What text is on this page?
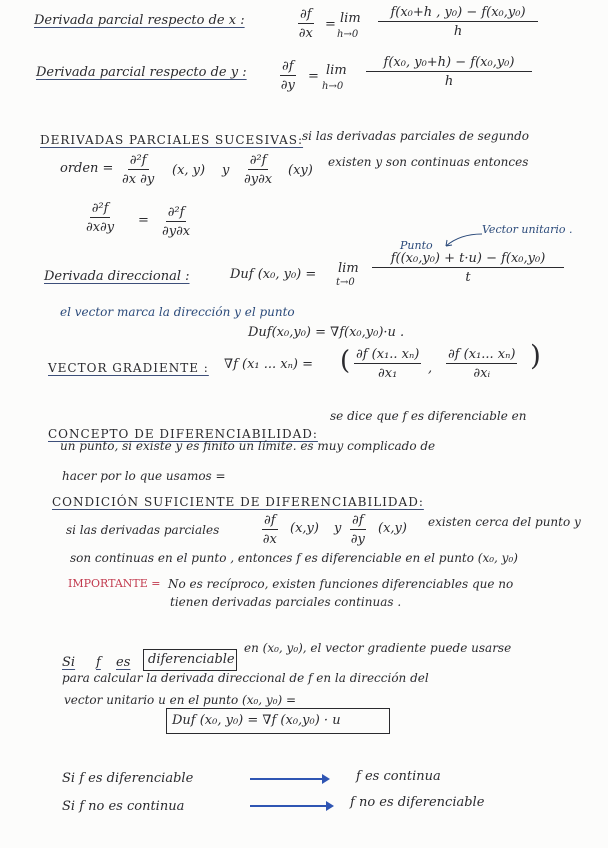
Derivada parcial respecto de x :	$\frac{\partial f}{\partial x} = \lim$
$h\to 0 \frac{\text{f(x₀+h , y₀) − f(x₀,y₀)}}{h}$
Derivada parcial respecto de y :	$\frac{\partial f}{\partial y} = \lim$
$h\to 0 \frac{\text{f(x₀, y₀+h) − f(x₀,y₀)}}{h}$
DERIVADAS PARCIALES SUCESIVAS:
si las derivadas parciales de segundo
orden = $\frac{\text{∂²f}}{\partial x \partial y} (x$, y) y $\frac{\text{∂²f}}{\partial y\partial x} (xy)$
existen y son continuas entonces
$\frac{\text{∂²f}}{\partial x\partial y} = \frac{\text{∂²f}}{\partial y\partial x}$	Vector unitario .
Punto
Derivada direccional :	Duf (x₀, y₀) = lim
$t\to 0 \frac{\text{f((x₀,y₀) + t·u) − f(x₀,y₀)}}{t}$
el vector marca la dirección y el punto
Duf(x₀,y₀) = ∇f(x₀,y₀)·u .
VECTOR GRADIENTE : ∇f (x₁ ... xₙ) = ( $\frac{\text{∂f (x₁.. xₙ)}}{\text{∂x₁}}$ , $\frac{\text{∂f (x₁... xₙ)}}{\text{∂xᵢ}}$ )
CONCEPTO DE DIFERENCIABILIDAD:
se dice que f es diferenciable en
un punto, si existe y es finito un límite. es muy complicado de
hacer por lo que usamos =
CONDICIÓN SUFICIENTE DE DIFERENCIABILIDAD:
si las derivadas parciales	$\frac{\partial f}{\partial x} (x,y)$ y $\frac{\partial f}{\partial y} (x,y)$ existen cerca del punto y
son continuas en el punto , entonces f es diferenciable en el punto (x₀, y₀)
IMPORTANTE = No es recíproco, existen funciones diferenciables que no
tienen derivadas parciales continuas .
Si f es diferenciable
en (x₀, y₀), el vector gradiente puede usarse
para calcular la derivada direccional de f en la dirección del
vector unitario u en el punto (x₀, y₀) =
Duf (x₀, y₀) = ∇f (x₀,y₀) · u
Si f es diferenciable	f es continua
Si f no es continua	f no es diferenciable
